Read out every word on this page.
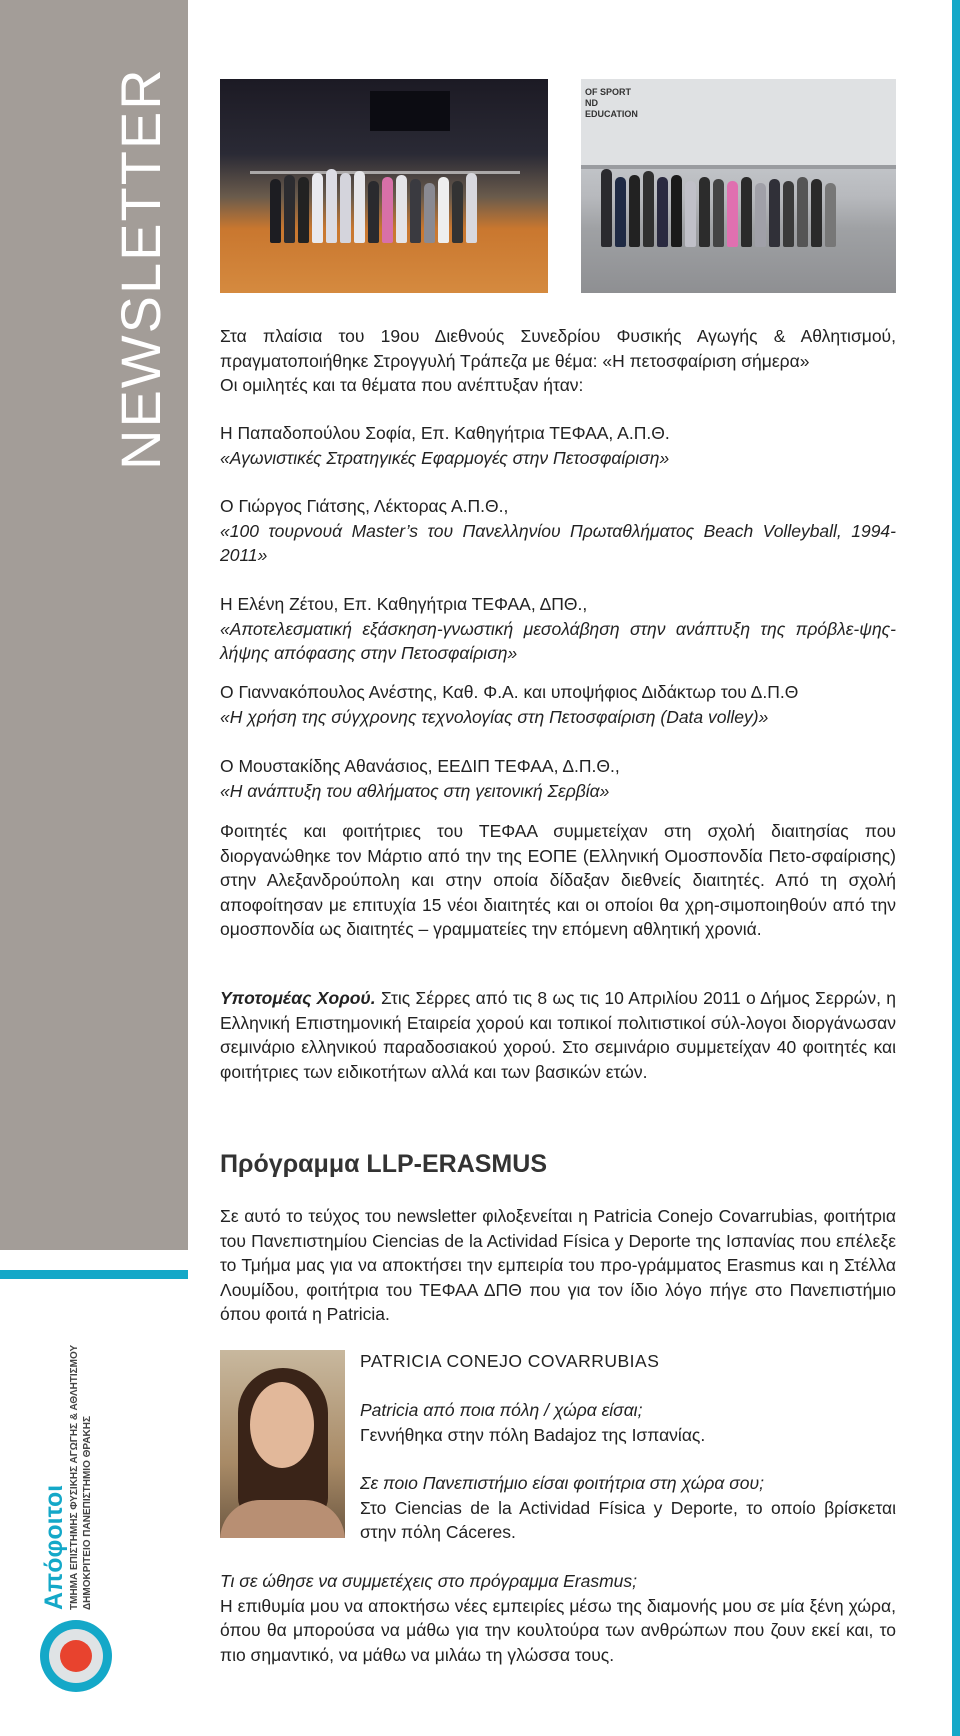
NEWSLETTER
Απόφοιτοι ΤΜΗΜΑ ΕΠΙΣΤΗΜΗΣ ΦΥΣΙΚΗΣ ΑΓΩΓΗΣ & ΑΘΛΗΤΙΣΜΟΥ ΔΗΜΟΚΡΙΤΕΙΟ ΠΑΝΕΠΙΣΤΗΜΙΟ ΘΡΑΚΗΣ
OF SPORT
ND
EDUCATION
Στα πλαίσια του 19ου Διεθνούς Συνεδρίου Φυσικής Αγωγής & Αθλητισμού, πραγματοποιήθηκε Στρογγυλή Τράπεζα με θέμα: «Η πετοσφαίριση σήμερα»
Οι ομιλητές και τα θέματα που ανέπτυξαν ήταν:
Η Παπαδοπούλου Σοφία, Επ. Καθηγήτρια ΤΕΦΑΑ, Α.Π.Θ.
«Αγωνιστικές Στρατηγικές Εφαρμογές στην Πετοσφαίριση»
Ο Γιώργος Γιάτσης, Λέκτορας Α.Π.Θ.,
«100 τουρνουά Master’s του Πανελληνίου Πρωταθλήματος Beach Volleyball, 1994-2011»
Η Ελένη Ζέτου, Επ. Καθηγήτρια ΤΕΦΑΑ, ΔΠΘ.,
«Αποτελεσματική εξάσκηση-γνωστική μεσολάβηση στην ανάπτυξη της πρόβλε-ψης-λήψης απόφασης στην Πετοσφαίριση»
Ο Γιαννακόπουλος Ανέστης, Καθ. Φ.Α. και υποψήφιος Διδάκτωρ του Δ.Π.Θ
«Η χρήση της σύγχρονης τεχνολογίας στη Πετοσφαίριση (Data volley)»
Ο Μουστακίδης Αθανάσιος, ΕΕΔΙΠ ΤΕΦΑΑ, Δ.Π.Θ.,
«Η ανάπτυξη του αθλήματος στη γειτονική Σερβία»
Φοιτητές και φοιτήτριες του ΤΕΦΑΑ συμμετείχαν στη σχολή διαιτησίας που διοργανώθηκε τον Μάρτιο από την της ΕΟΠΕ (Ελληνική Ομοσπονδία Πετο-σφαίρισης) στην Αλεξανδρούπολη και στην οποία δίδαξαν διεθνείς διαιτητές. Από τη σχολή αποφοίτησαν με επιτυχία 15 νέοι διαιτητές και οι οποίοι θα χρη-σιμοποιηθούν από την ομοσπονδία ως διαιτητές – γραμματείες την επόμενη αθλητική χρονιά.
Υποτομέας Χορού. Στις Σέρρες από τις 8 ως τις 10 Απριλίου 2011 ο Δήμος Σερρών, η Ελληνική Επιστημονική Εταιρεία χορού και τοπικοί πολιτιστικοί σύλ-λογοι διοργάνωσαν σεμινάριο ελληνικού παραδοσιακού χορού. Στο σεμινάριο συμμετείχαν 40 φοιτητές και φοιτήτριες των ειδικοτήτων αλλά και των βασικών ετών.
Πρόγραμμα LLP-ERASMUS
Σε αυτό το τεύχος του newsletter φιλοξενείται η Patricia Conejo Covarrubias, φοιτήτρια του Πανεπιστημίου Ciencias de la Actividad Física y Deporte της Ισπανίας που επέλεξε το Τμήμα μας για να αποκτήσει την εμπειρία του προ-γράμματος Erasmus και η Στέλλα Λουμίδου, φοιτήτρια του ΤΕΦΑΑ ΔΠΘ που για τον ίδιο λόγο πήγε στο Πανεπιστήμιο όπου φοιτά η Patricia.
PATRICIA CONEJO COVARRUBIAS
Patricia από ποια πόλη / χώρα είσαι;
Γεννήθηκα στην πόλη Badajoz της Ισπανίας.
Σε ποιο Πανεπιστήμιο είσαι φοιτήτρια στη χώρα σου;
Στο Ciencias de la Actividad Física y Deporte, το οποίο βρίσκεται στην πόλη Cáceres.
Τι σε ώθησε να συμμετέχεις στο πρόγραμμα Erasmus;
Η επιθυμία μου να αποκτήσω νέες εμπειρίες μέσω της διαμονής μου σε μία ξένη χώρα, όπου θα μπορούσα να μάθω για την κουλτούρα των ανθρώπων που ζουν εκεί και, το πιο σημαντικό, να μάθω να μιλάω τη γλώσσα τους.
